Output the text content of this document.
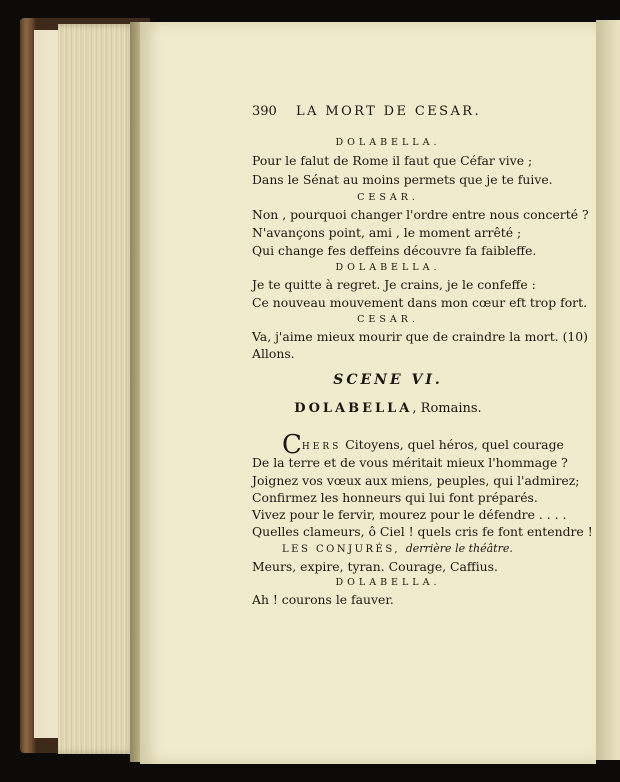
390 LA MORT DE CESAR.
DOLABELLA.
Pour le falut de Rome il faut que Céfar vive ;
Dans le Sénat au moins permets que je te fuive.
CESAR.
Non , pourquoi changer l'ordre entre nous concerté ?
N'avançons point, ami , le moment arrêté ;
Qui change fes deffeins découvre fa faibleffe.
DOLABELLA.
Je te quitte à regret. Je crains, je le confeffe :
Ce nouveau mouvement dans mon cœur eft trop fort.
CESAR.
Va, j'aime mieux mourir que de craindre la mort. (10)
Allons.
SCENE VI.
DOLABELLA, Romains.
CHERS Citoyens, quel héros, quel courage
De la terre et de vous méritait mieux l'hommage ?
Joignez vos vœux aux miens, peuples, qui l'admirez;
Confirmez les honneurs qui lui font préparés.
Vivez pour le fervir, mourez pour le défendre . . . .
Quelles clameurs, ô Ciel ! quels cris fe font entendre !
LES CONJURÉS, derrière le théâtre.
Meurs, expire, tyran. Courage, Caffius.
DOLABELLA.
Ah ! courons le fauver.
